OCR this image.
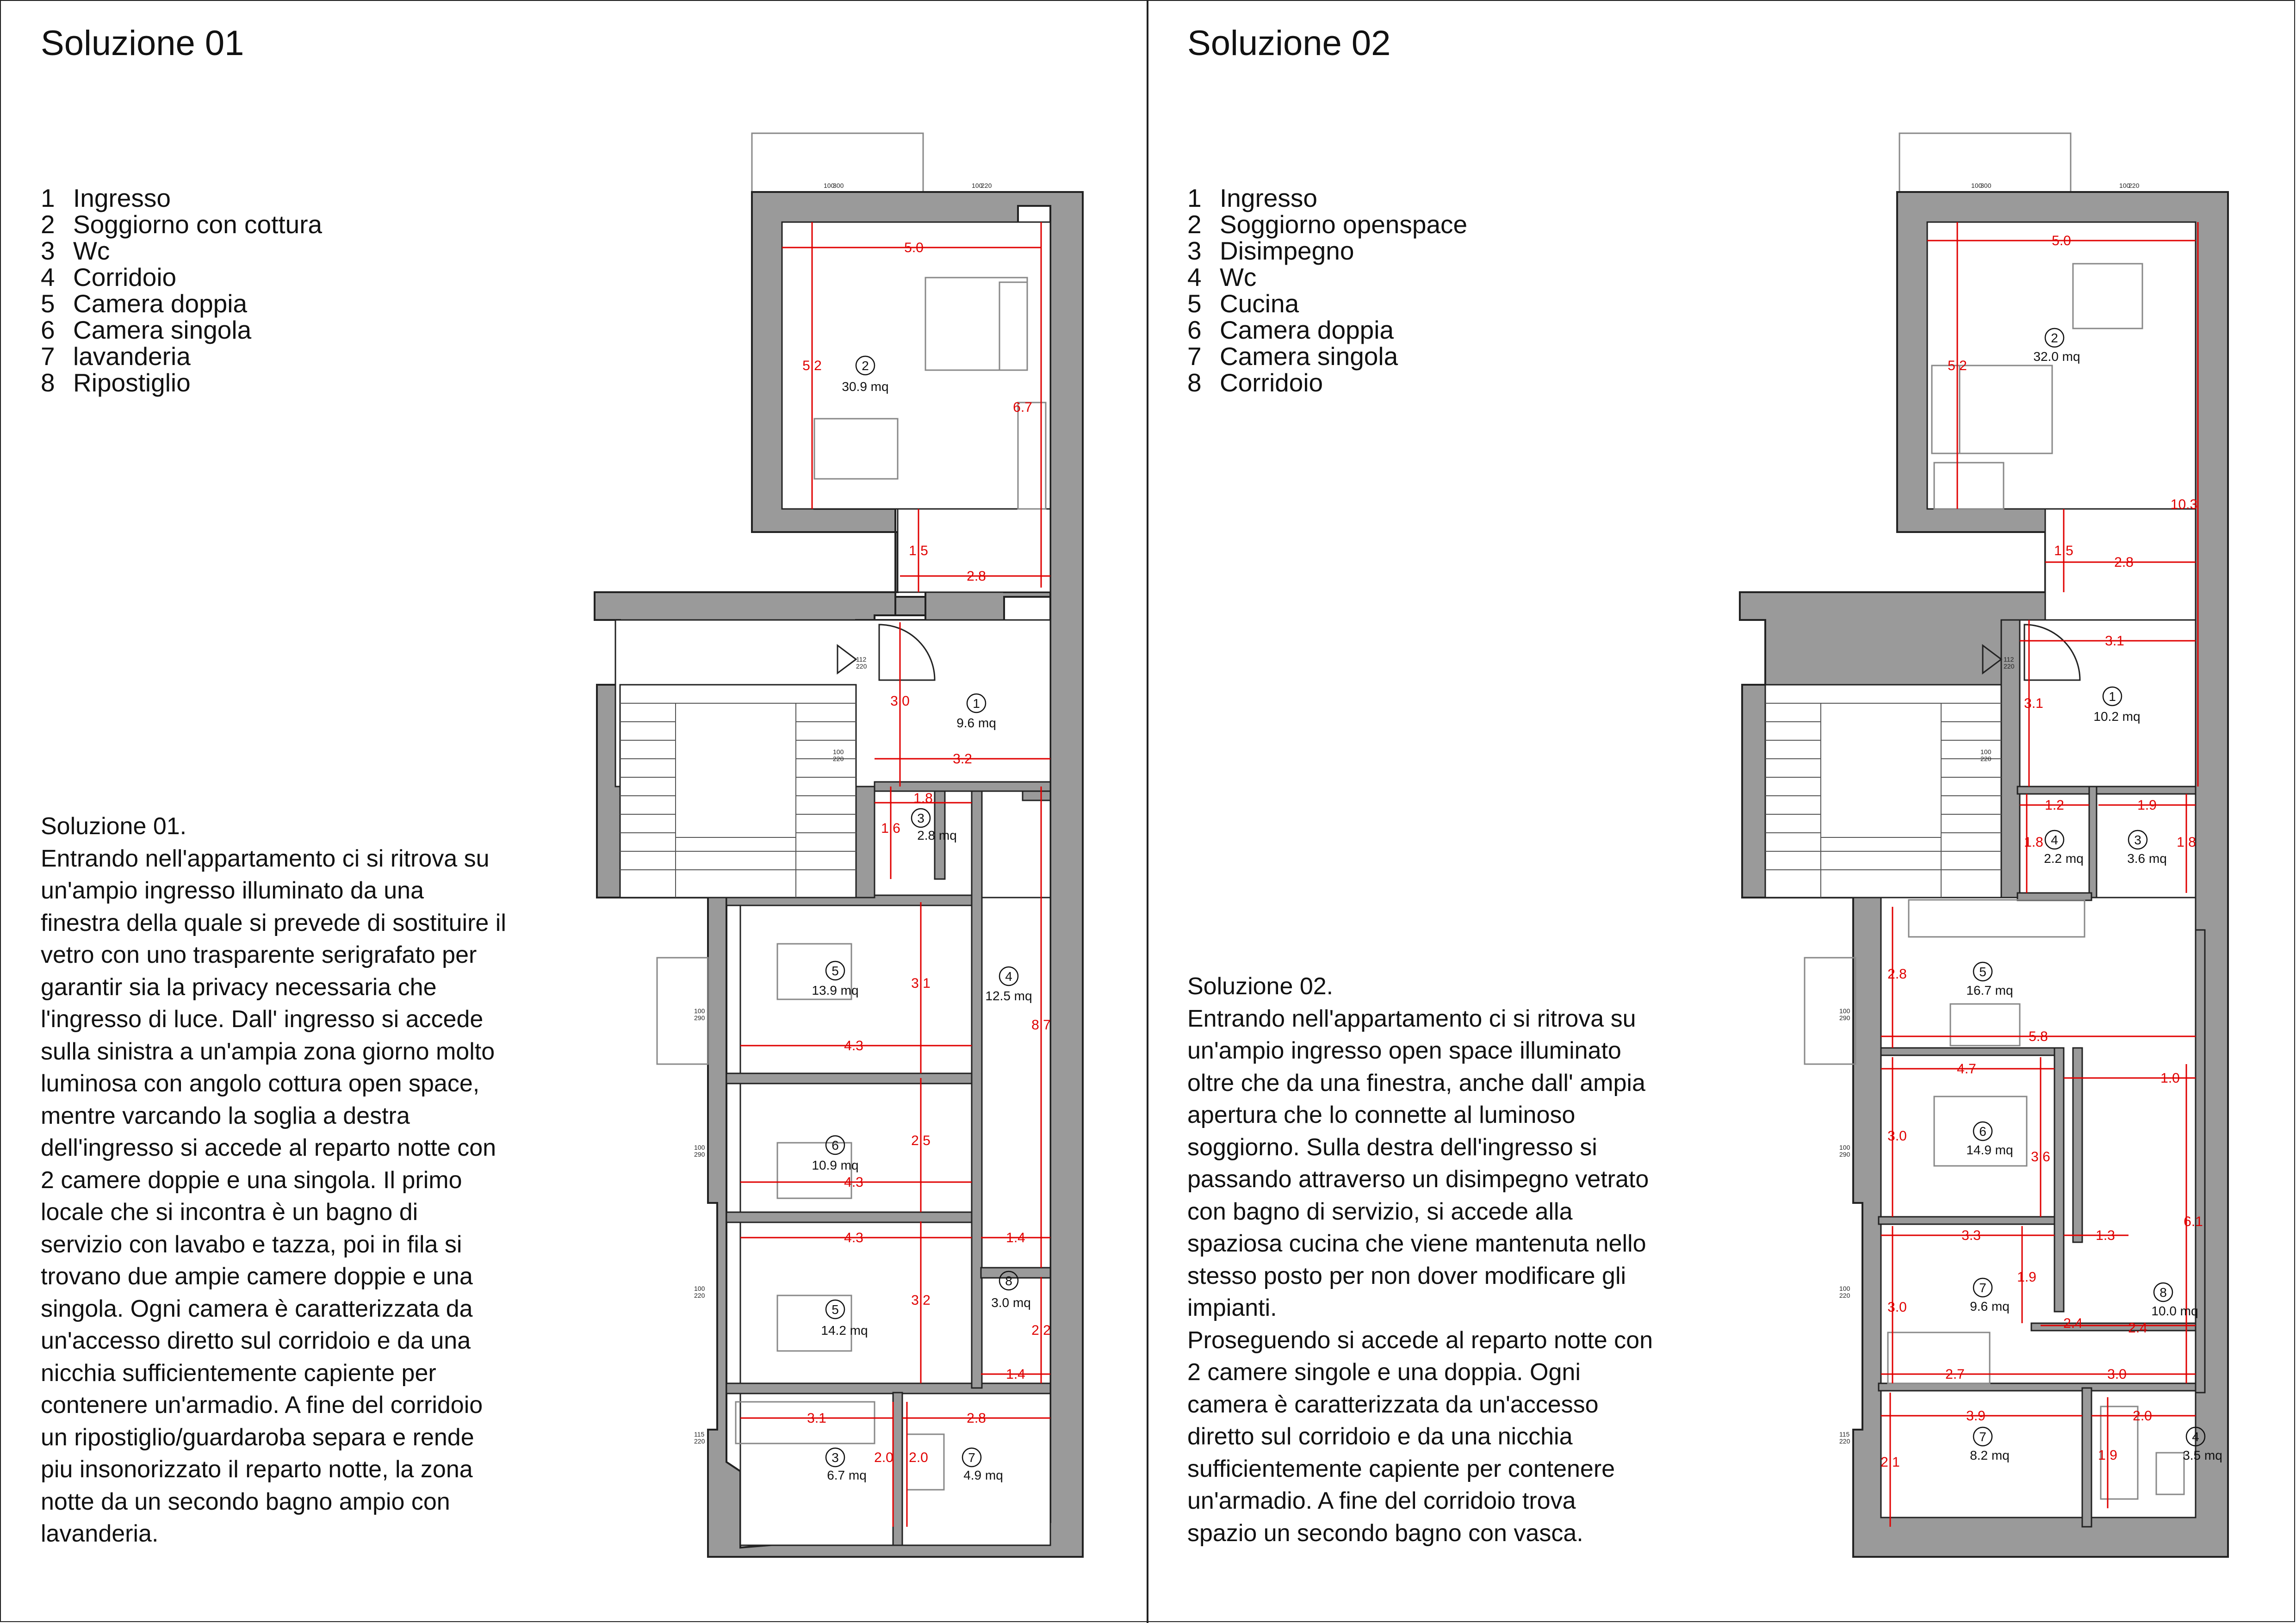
Soluzione 01
1 Ingresso
2 Soggiorno con cottura
3 Wc
4 Corridoio
5 Camera doppia
6 Camera singola
7 lavanderia
8 Ripostiglio
Soluzione 01.
Entrando nell'appartamento ci si ritrova su
un'ampio ingresso illuminato da una
finestra della quale si prevede di sostituire il
vetro con uno trasparente serigrafato per
garantir sia la privacy necessaria che
l'ingresso di luce. Dall' ingresso si accede
sulla sinistra a un'ampia zona giorno molto
luminosa con angolo cottura open space,
mentre varcando la soglia a destra
dell'ingresso si accede al reparto notte con
2 camere doppie e una singola. Il primo
locale che si incontra è un bagno di
servizio con lavabo e tazza, poi in fila si
trovano due ampie camere doppie e una
singola. Ogni camera è caratterizzata da
un'accesso diretto sul corridoio e da una
nicchia sufficientemente capiente per
contenere un'armadio. A fine del corridoio
un ripostiglio/guardaroba separa e rende
piu insonorizzato il reparto notte, la zona
notte da un secondo bagno ampio con
lavanderia.
Soluzione 02
1 Ingresso
2 Soggiorno openspace
3 Disimpegno
4 Wc
5 Cucina
6 Camera doppia
7 Camera singola
8 Corridoio
Soluzione 02.
Entrando nell'appartamento ci si ritrova su
un'ampio ingresso open space illuminato
oltre che da una finestra, anche dall' ampia
apertura che lo connette al luminoso
soggiorno. Sulla destra dell'ingresso si
passando attraverso un disimpegno vetrato
con bagno di servizio, si accede alla
spaziosa cucina che viene mantenuta nello
stesso posto per non dover modificare gli
impianti.
Proseguendo si accede al reparto notte con
2 camere singole e una doppia. Ogni
camera è caratterizzata da un'accesso
diretto sul corridoio e da una nicchia
sufficientemente capiente per contenere
un'armadio. A fine del corridoio trova
spazio un secondo bagno con vasca.
100
300	100
220
112
220
100
220
100
290
100
290
100
220
115
220
5.0
5.2
6.7
1.5
2.8
3.0
3.2
1.8
1.6
3.1
4.3
8.7
2.5
4.3
4.3	1.4
3.2
2.2
1.4
3.1	2.8
2.0 2.0
2
30.9 mq
1
9.6 mq
3
2.8 mq
5
13.9 mq
4
12.5 mq
6
10.9 mq
8
3.0 mq
5
14.2 mq
3
6.7 mq
7
4.9 mq
100
300	100
220
112
220
100
220
100
290
100
290
100
220
115
220
5.0
5.2
10.3
1.5
2.8
3.1
3.1
1.2	1.9
1.8	1.8
2.8
5.8
4.7
1.0
3.0
3.6
6.1
3.3	1.3
1.9
3.0
2.4	2.4
2.7	3.0
3.9	2.0
2.1	1.9
2
32.0 mq
1
10.2 mq
4
2.2 mq
3
3.6 mq
5
16.7 mq
6
14.9 mq
7
9.6 mq
8
10.0 mq
7
8.2 mq
4
3.5 mq
